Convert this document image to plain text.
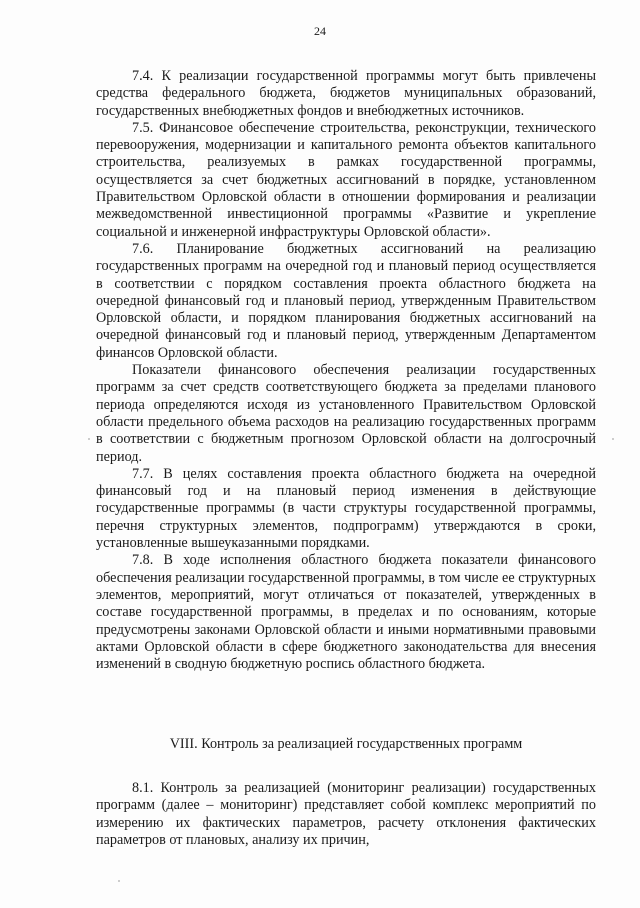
24

7.4. К реализации государственной программы могут быть привлечены средства федерального бюджета, бюджетов муниципальных образований, государственных внебюджетных фондов и внебюджетных источников.

7.5. Финансовое обеспечение строительства, реконструкции, технического перевооружения, модернизации и капитального ремонта объектов капитального строительства, реализуемых в рамках государственной программы, осуществляется за счет бюджетных ассигнований в порядке, установленном Правительством Орловской области в отношении формирования и реализации межведомственной инвестиционной программы «Развитие и укрепление социальной и инженерной инфраструктуры Орловской области».

7.6. Планирование бюджетных ассигнований на реализацию государственных программ на очередной год и плановый период осуществляется в соответствии с порядком составления проекта областного бюджета на очередной финансовый год и плановый период, утвержденным Правительством Орловской области, и порядком планирования бюджетных ассигнований на очередной финансовый год и плановый период, утвержденным Департаментом финансов Орловской области.

Показатели финансового обеспечения реализации государственных программ за счет средств соответствующего бюджета за пределами планового периода определяются исходя из установленного Правительством Орловской области предельного объема расходов на реализацию государственных программ в соответствии с бюджетным прогнозом Орловской области на долгосрочный период.

7.7. В целях составления проекта областного бюджета на очередной финансовый год и на плановый период изменения в действующие государственные программы (в части структуры государственной программы, перечня структурных элементов, подпрограмм) утверждаются в сроки, установленные вышеуказанными порядками.

7.8. В ходе исполнения областного бюджета показатели финансового обеспечения реализации государственной программы, в том числе ее структурных элементов, мероприятий, могут отличаться от показателей, утвержденных в составе государственной программы, в пределах и по основаниям, которые предусмотрены законами Орловской области и иными нормативными правовыми актами Орловской области в сфере бюджетного законодательства для внесения изменений в сводную бюджетную роспись областного бюджета.

VIII. Контроль за реализацией государственных программ

8.1. Контроль за реализацией (мониторинг реализации) государственных программ (далее – мониторинг) представляет собой комплекс мероприятий по измерению их фактических параметров, расчету отклонения фактических параметров от плановых, анализу их причин,
